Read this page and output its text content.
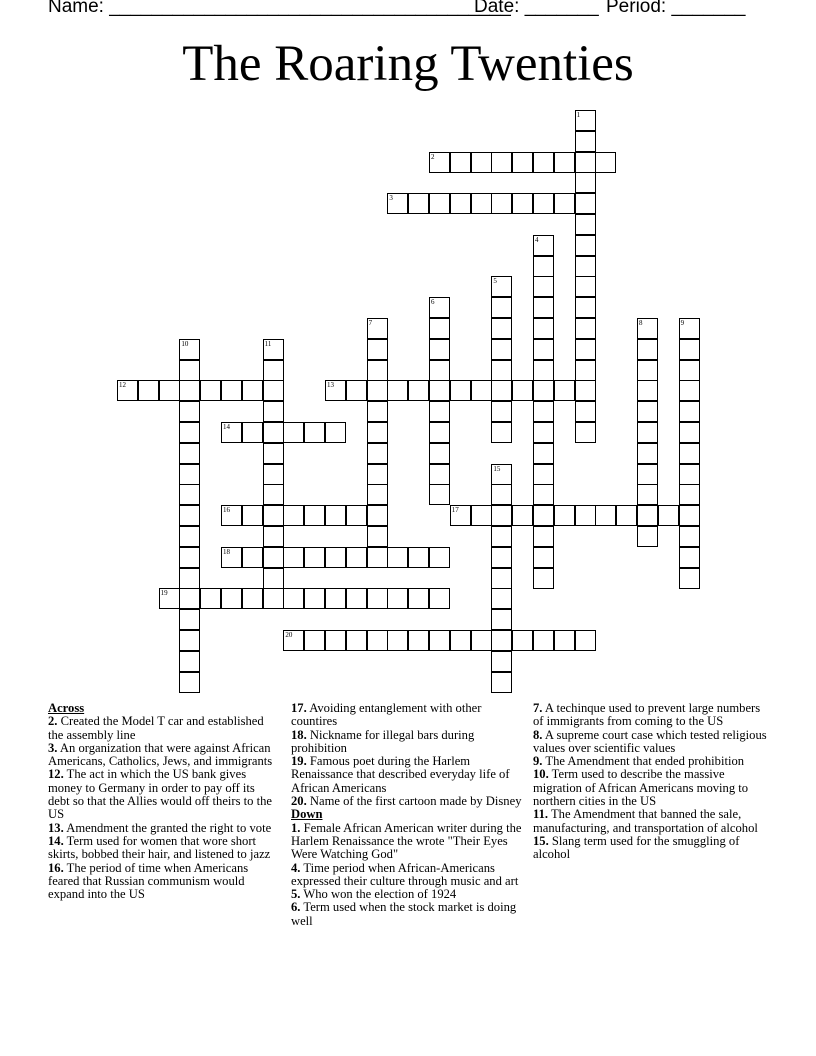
Name: ______________________________________
Date: _______ Period: _______
The Roaring Twenties
1
2
3
4
5
6
7	8	9
10	11
12	13
14
15
16	17
18
19
20
Across
2. Created the Model T car and established the assembly line
3. An organization that were against African Americans, Catholics, Jews, and immigrants
12. The act in which the US bank gives money to Germany in order to pay off its debt so that the Allies would off theirs to the US
13. Amendment the granted the right to vote
14. Term used for women that wore short skirts, bobbed their hair, and listened to jazz
16. The period of time when Americans feared that Russian communism would expand into the US
17. Avoiding entanglement with other countires
18. Nickname for illegal bars during prohibition
19. Famous poet during the Harlem Renaissance that described everyday life of African Americans
20. Name of the first cartoon made by Disney
Down
1. Female African American writer during the Harlem Renaissance the wrote "Their Eyes Were Watching God"
4. Time period when African-Americans expressed their culture through music and art
5. Who won the election of 1924
6. Term used when the stock market is doing well
7. A techinque used to prevent large numbers of immigrants from coming to the US
8. A supreme court case which tested religious values over scientific values
9. The Amendment that ended prohibition
10. Term used to describe the massive migration of African Americans moving to northern cities in the US
11. The Amendment that banned the sale, manufacturing, and transportation of alcohol
15. Slang term used for the smuggling of alcohol
